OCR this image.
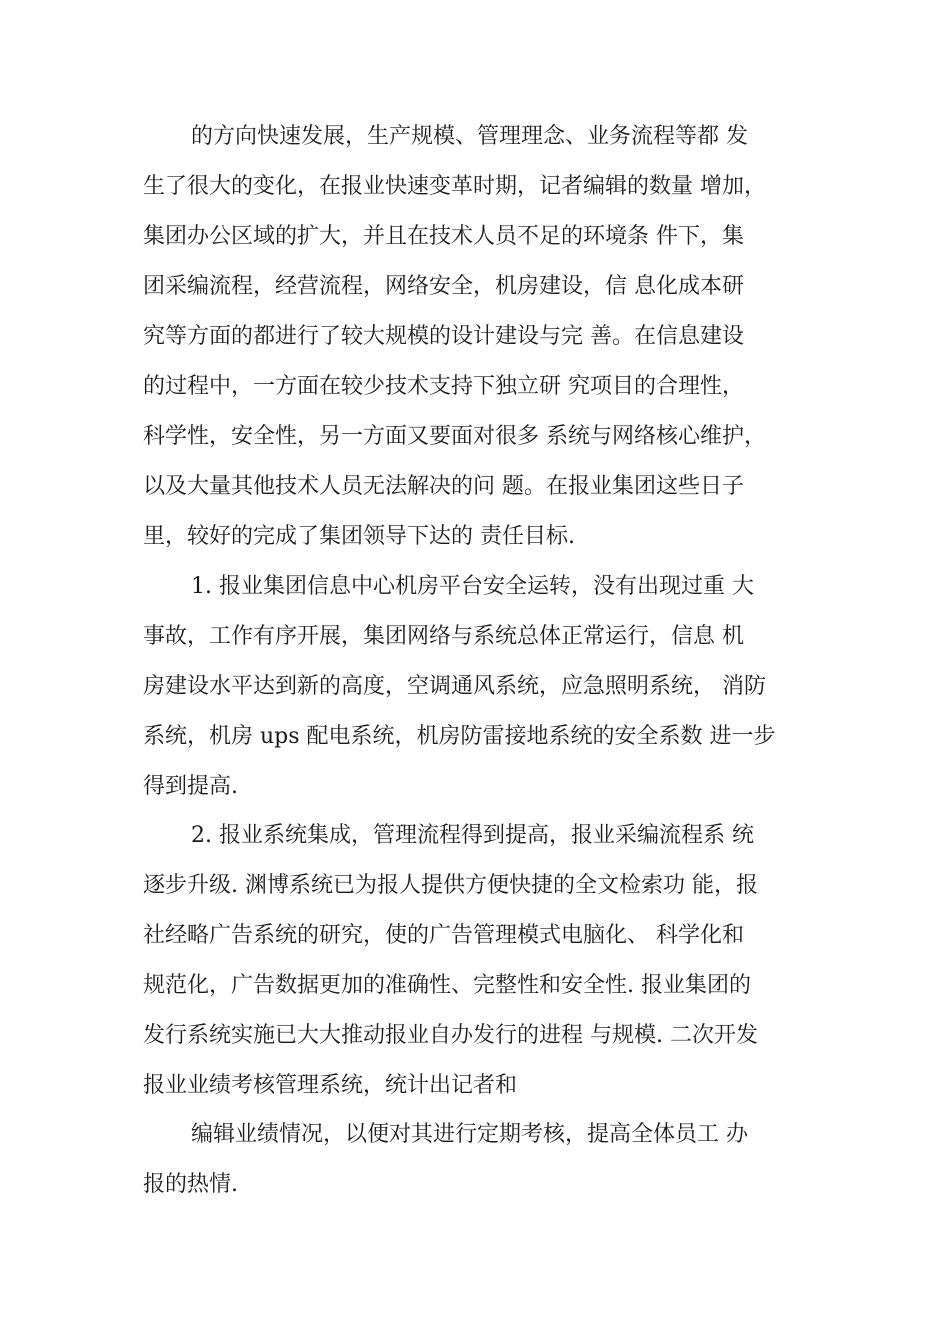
的方向快速发展，生产规模、管理理念、业务流程等都 发
生了很大的变化，在报业快速变革时期，记者编辑的数量 增加，
集团办公区域的扩大，并且在技术人员不足的环境条 件下，集
团采编流程，经营流程，网络安全，机房建设，信 息化成本研
究等方面的都进行了较大规模的设计建设与完 善。在信息建设
的过程中，一方面在较少技术支持下独立研 究项目的合理性，
科学性，安全性，另一方面又要面对很多 系统与网络核心维护，
以及大量其他技术人员无法解决的问 题。在报业集团这些日子
里，较好的完成了集团领导下达的 责任目标.
1. 报业集团信息中心机房平台安全运转，没有出现过重 大
事故，工作有序开展，集团网络与系统总体正常运行，信息 机
房建设水平达到新的高度，空调通风系统，应急照明系统， 消防
系统，机房 ups 配电系统，机房防雷接地系统的安全系数 进一步
得到提高.
2. 报业系统集成，管理流程得到提高，报业采编流程系 统
逐步升级. 渊博系统已为报人提供方便快捷的全文检索功 能，报
社经略广告系统的研究，使的广告管理模式电脑化、 科学化和
规范化，广告数据更加的准确性、完整性和安全性. 报业集团的
发行系统实施已大大推动报业自办发行的进程 与规模. 二次开发
报业业绩考核管理系统，统计出记者和
编辑业绩情况，以便对其进行定期考核，提高全体员工 办
报的热情.
